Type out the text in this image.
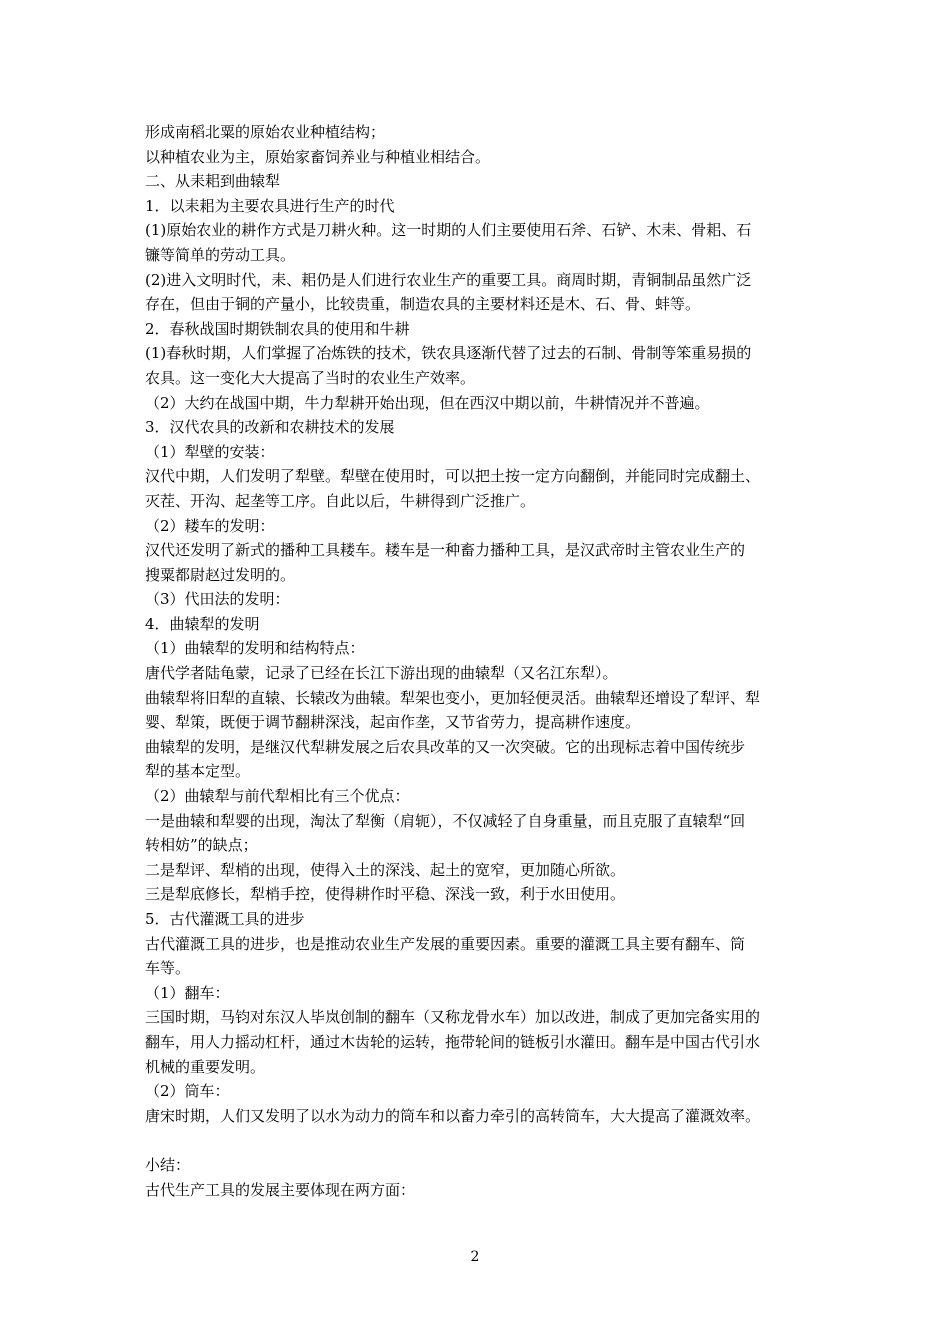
形成南稻北粟的原始农业种植结构；
以种植农业为主，原始家畜饲养业与种植业相结合。
二、从耒耜到曲辕犁
1．以耒耜为主要农具进行生产的时代
(1)原始农业的耕作方式是刀耕火种。这一时期的人们主要使用石斧、石铲、木耒、骨耜、石
镰等简单的劳动工具。
(2)进入文明时代，耒、耜仍是人们进行农业生产的重要工具。商周时期，青铜制品虽然广泛
存在，但由于铜的产量小，比较贵重，制造农具的主要材料还是木、石、骨、蚌等。
2．春秋战国时期铁制农具的使用和牛耕
(1)春秋时期，人们掌握了冶炼铁的技术，铁农具逐渐代替了过去的石制、骨制等笨重易损的
农具。这一变化大大提高了当时的农业生产效率。
（2）大约在战国中期，牛力犁耕开始出现，但在西汉中期以前，牛耕情况并不普遍。
3．汉代农具的改新和农耕技术的发展
（1）犁壁的安装：
汉代中期，人们发明了犁壁。犁壁在使用时，可以把土按一定方向翻倒，并能同时完成翻土、
灭茬、开沟、起垄等工序。自此以后，牛耕得到广泛推广。
（2）耧车的发明：
汉代还发明了新式的播种工具耧车。耧车是一种畜力播种工具，是汉武帝时主管农业生产的
搜粟都尉赵过发明的。
（3）代田法的发明：
4．曲辕犁的发明
（1）曲辕犁的发明和结构特点：
唐代学者陆龟蒙，记录了已经在长江下游出现的曲辕犁（又名江东犁）。
曲辕犁将旧犁的直辕、长辕改为曲辕。犁架也变小，更加轻便灵活。曲辕犁还增设了犁评、犁
婴、犁策，既便于调节翻耕深浅，起亩作垄，又节省劳力，提高耕作速度。
曲辕犁的发明，是继汉代犁耕发展之后农具改革的又一次突破。它的出现标志着中国传统步
犁的基本定型。
（2）曲辕犁与前代犁相比有三个优点：
一是曲辕和犁婴的出现，淘汰了犁衡（肩轭），不仅减轻了自身重量，而且克服了直辕犁“回
转相妨”的缺点；
二是犁评、犁梢的出现，使得入土的深浅、起土的宽窄，更加随心所欲。
三是犁底修长，犁梢手控，使得耕作时平稳、深浅一致，利于水田使用。
5．古代灌溉工具的进步
古代灌溉工具的进步，也是推动农业生产发展的重要因素。重要的灌溉工具主要有翻车、筒
车等。
（1）翻车：
三国时期，马钧对东汉人毕岚创制的翻车（又称龙骨水车）加以改进，制成了更加完备实用的
翻车，用人力摇动杠杆，通过木齿轮的运转，拖带轮间的链板引水灌田。翻车是中国古代引水
机械的重要发明。
（2）筒车：
唐宋时期，人们又发明了以水为动力的筒车和以畜力牵引的高转筒车，大大提高了灌溉效率。
小结：
古代生产工具的发展主要体现在两方面：
2
